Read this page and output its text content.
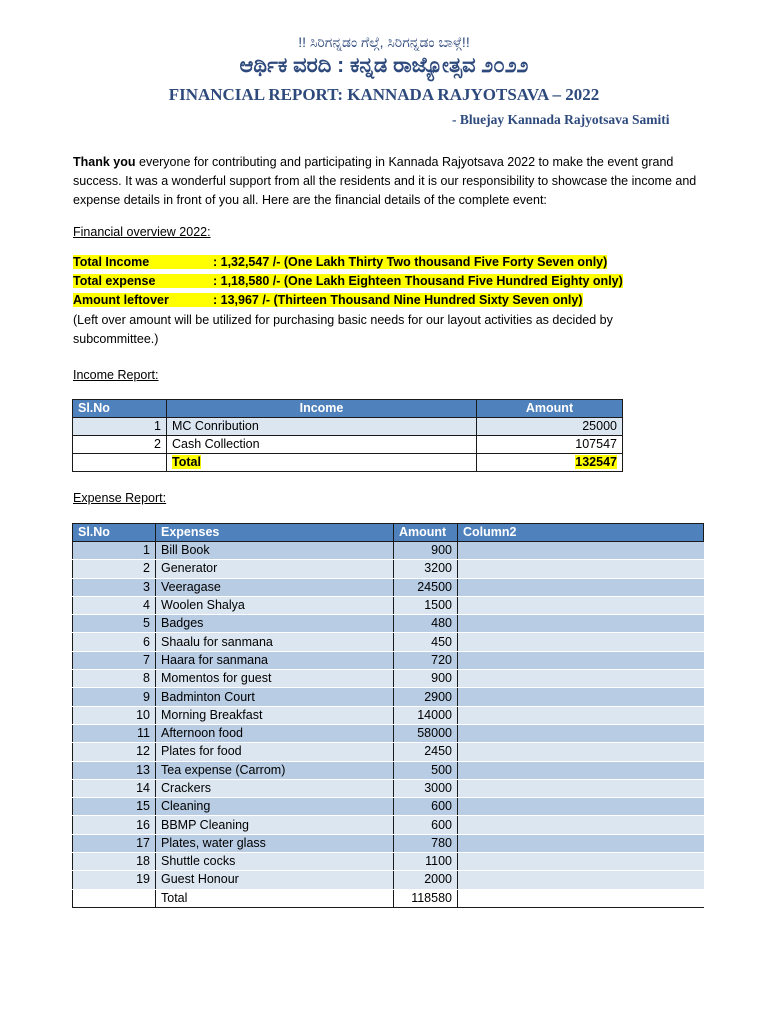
!! ಸಿರಿಗನ್ನಡಂ ಗೆಲ್ಗೆ, ಸಿರಿಗನ್ನಡಂ ಬಾಳ್ಗೆ!!
ಆರ್ಥಿಕ ವರದಿ : ಕನ್ನಡ ರಾಜ್ಯೋತ್ಸವ ೨೦೨೨
FINANCIAL REPORT: KANNADA RAJYOTSAVA – 2022
- Bluejay Kannada Rajyotsava Samiti
Thank you everyone for contributing and participating in Kannada Rajyotsava 2022 to make the event grand success. It was a wonderful support from all the residents and it is our responsibility to showcase the income and expense details in front of you all. Here are the financial details of the complete event:
Financial overview 2022:
Total Income	: 1,32,547 /- (One Lakh Thirty Two thousand Five Forty Seven only)
Total expense	: 1,18,580 /- (One Lakh Eighteen Thousand Five Hundred Eighty only)
Amount leftover	: 13,967 /- (Thirteen Thousand Nine Hundred Sixty Seven only)
(Left over amount will be utilized for purchasing basic needs for our layout activities as decided by subcommittee.)
Income Report:
Sl.No	Income	Amount
1	MC Conribution	25000
2	Cash Collection	107547
	Total	132547
Expense Report:
Sl.No	Expenses	Amount	Column2
1	Bill Book	900	
2	Generator	3200	
3	Veeragase	24500	
4	Woolen Shalya	1500	
5	Badges	480	
6	Shaalu for sanmana	450	
7	Haara for sanmana	720	
8	Momentos for guest	900	
9	Badminton Court	2900	
10	Morning Breakfast	14000	
11	Afternoon food	58000	
12	Plates for food	2450	
13	Tea expense (Carrom)	500	
14	Crackers	3000	
15	Cleaning	600	
16	BBMP Cleaning	600	
17	Plates, water glass	780	
18	Shuttle cocks	1100	
19	Guest Honour	2000	
	Total	118580	
